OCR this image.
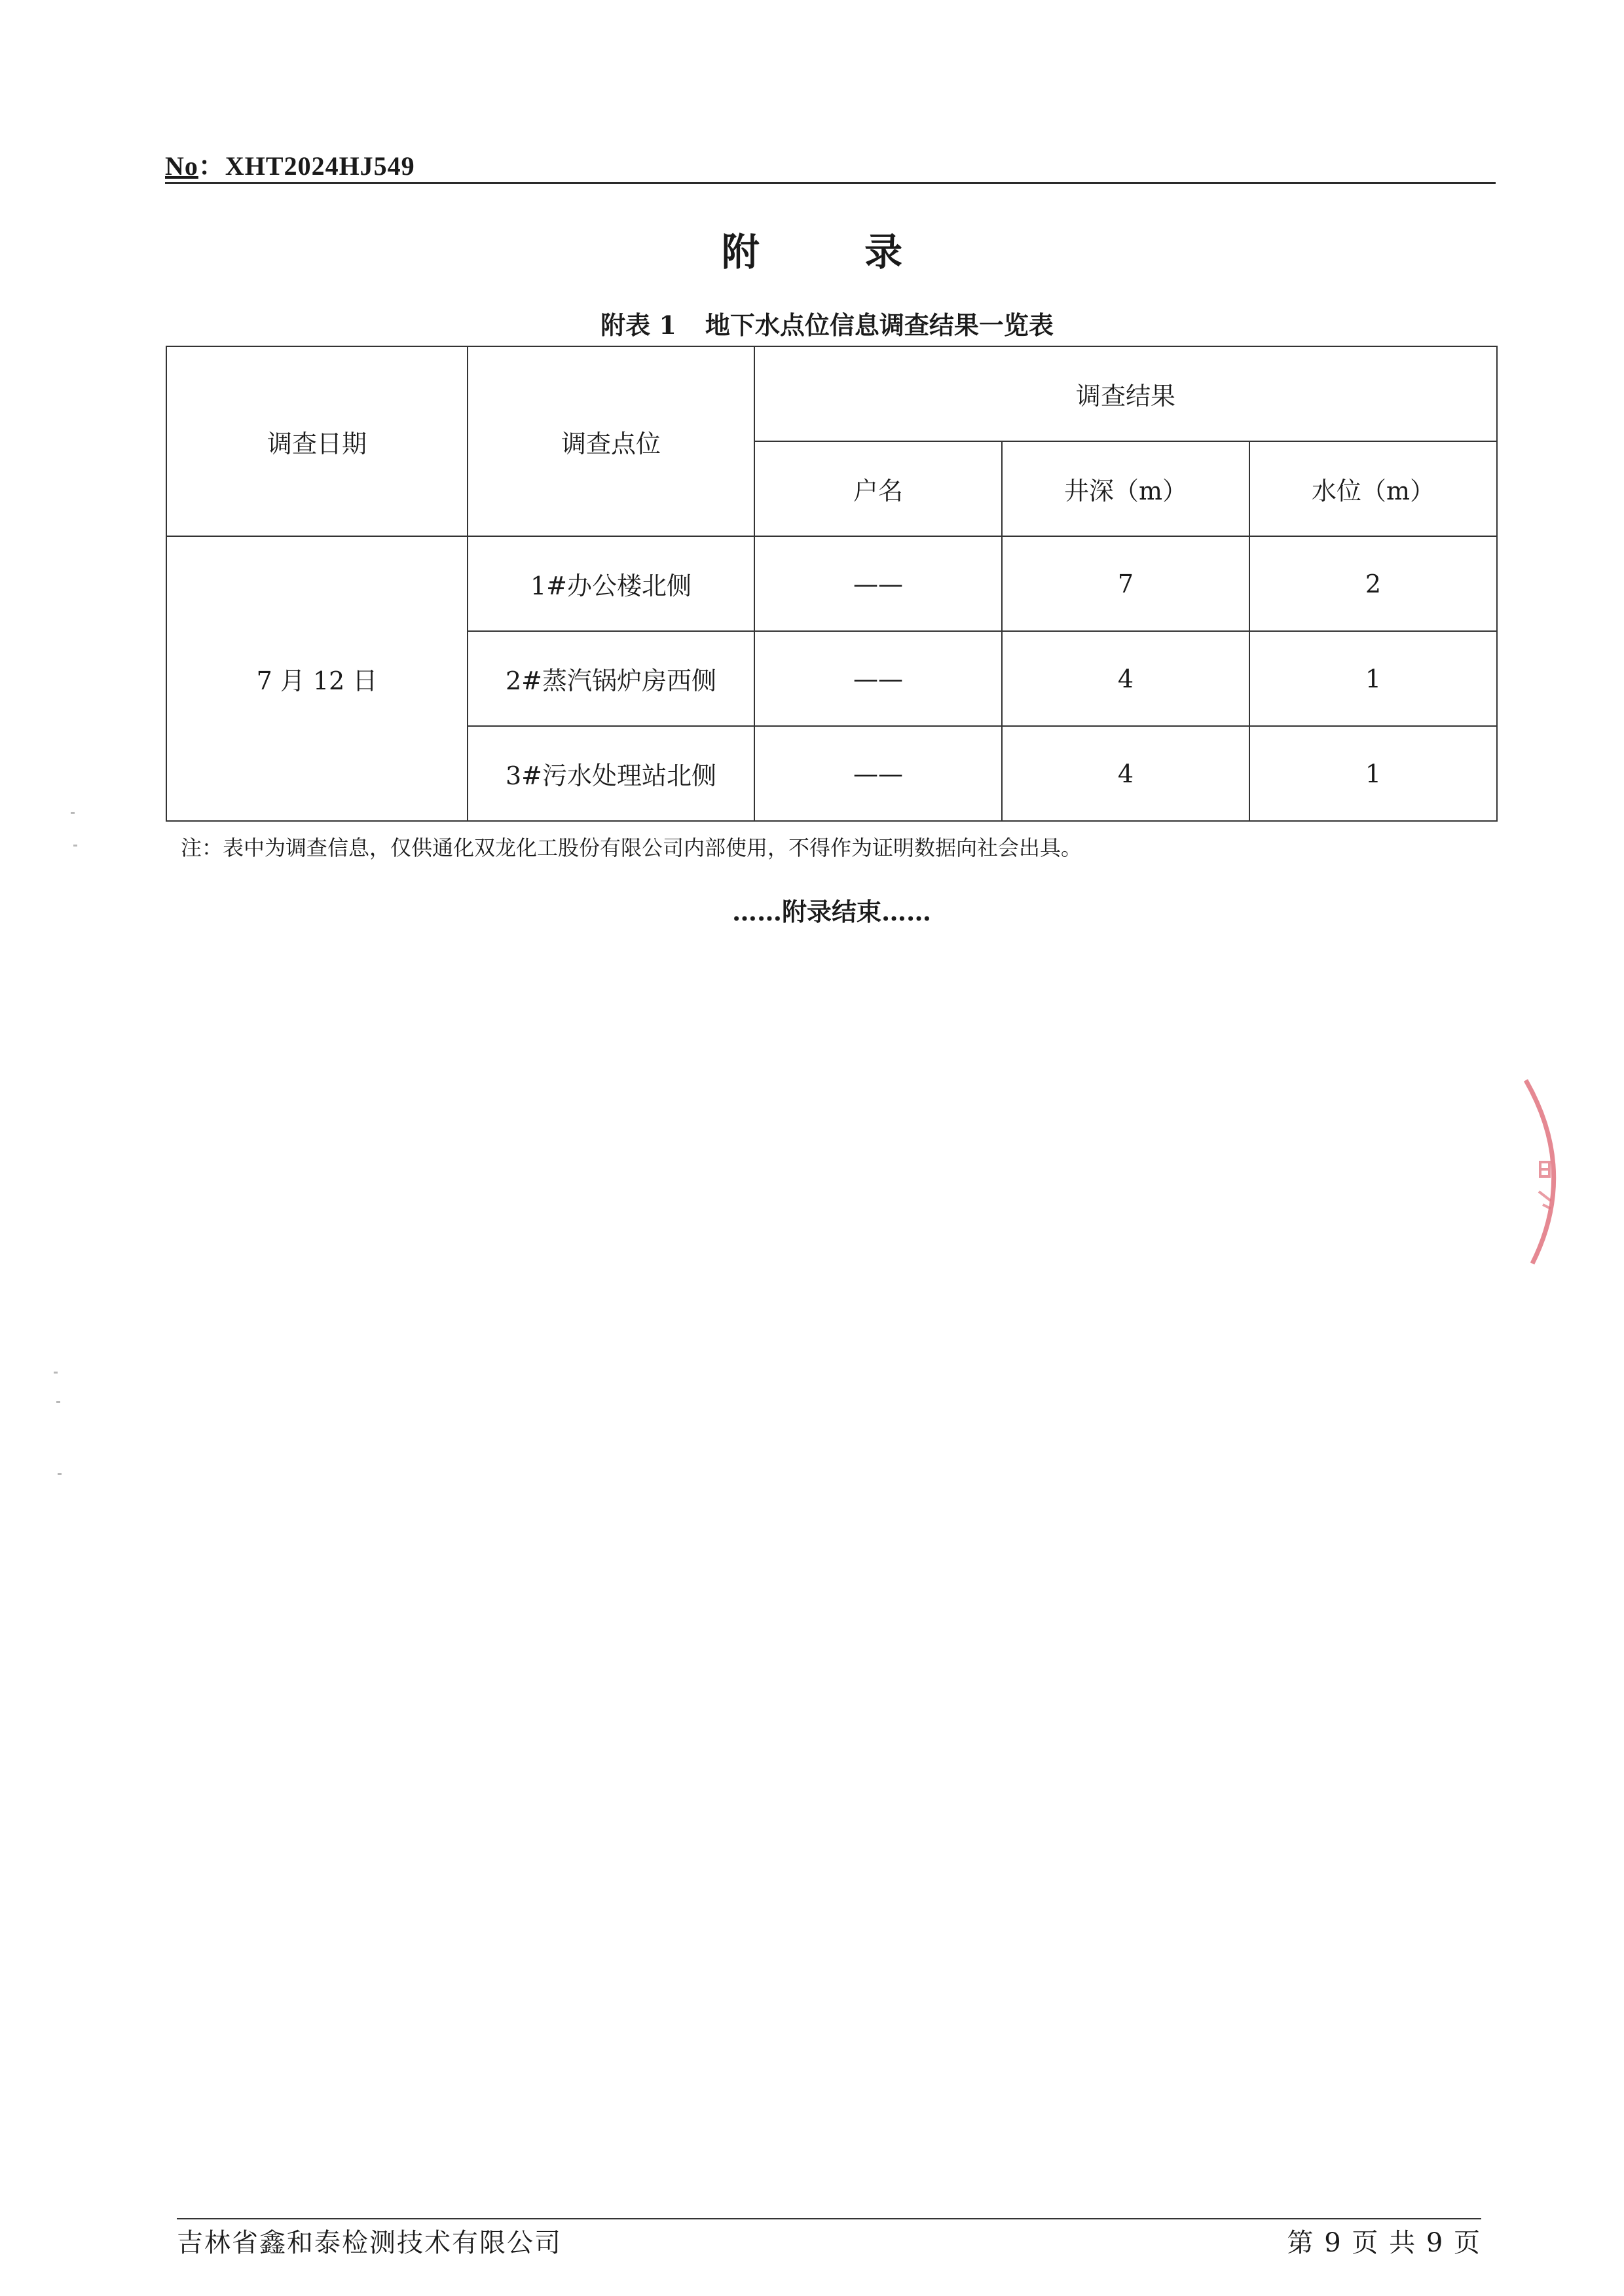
No：XHT2024HJ549
附 录
附表 1 地下水点位信息调查结果一览表
调查日期	调查点位	调查结果		
		户名	井深（m）	水位（m）
7 月 12 日	1#办公楼北侧	——	7	2
	2#蒸汽锅炉房西侧	——	4	1
	3#污水处理站北侧	——	4	1
注：表中为调查信息，仅供通化双龙化工股份有限公司内部使用，不得作为证明数据向社会出具。
……附录结束……
吉林省鑫和泰检测技术有限公司	第 9 页 共 9 页
